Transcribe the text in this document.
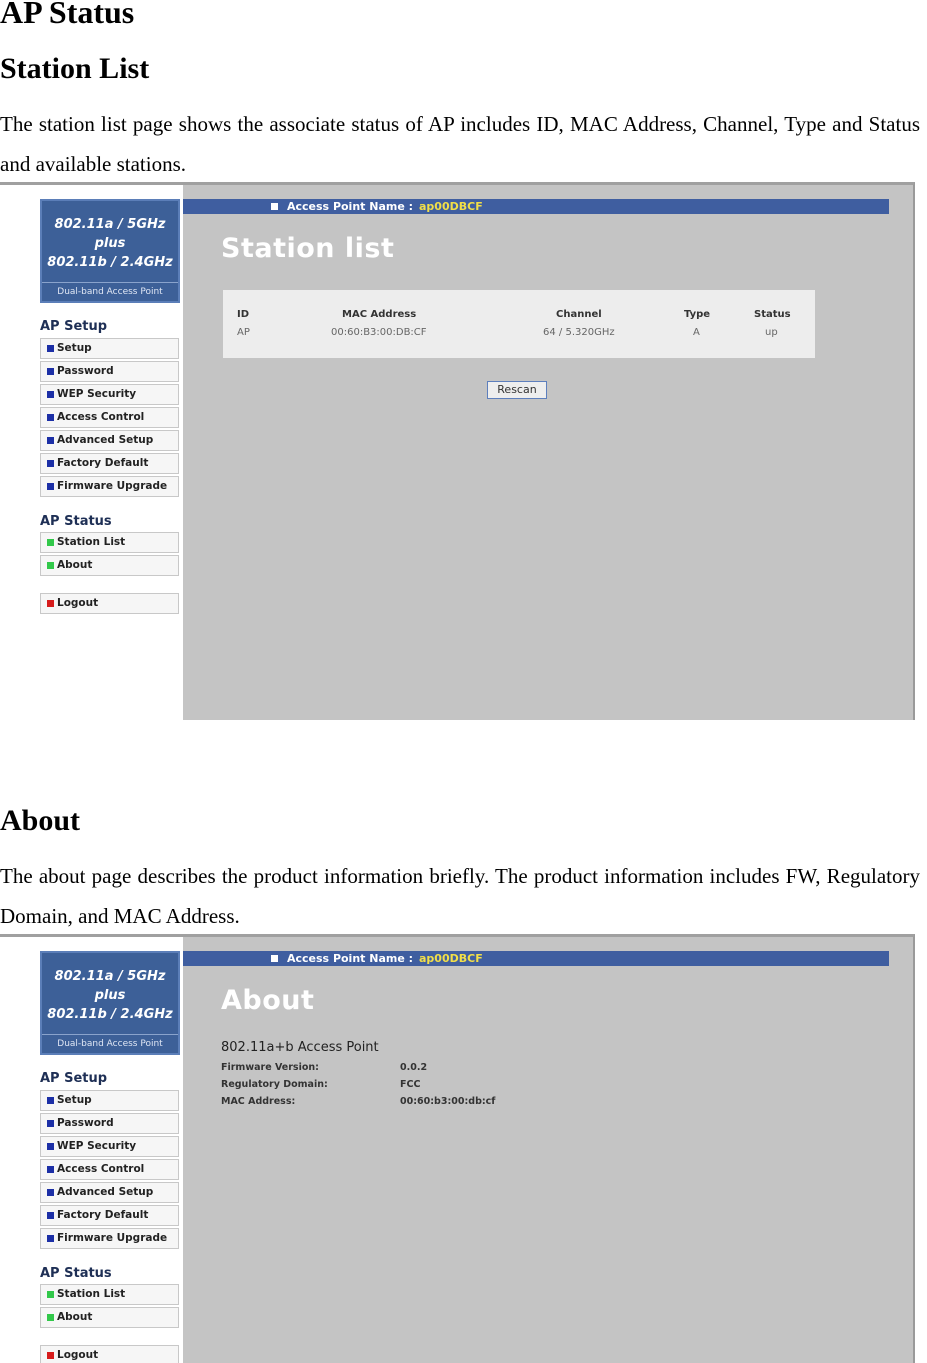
AP Status
Station List

The station list page shows the associate status of AP includes ID, MAC Address, Channel, Type and Status and available stations.

802.11a / 5GHz
plus
802.11b / 2.4GHz
Dual-band Access Point
AP Setup
Setup
Password
WEP Security
Access Control
Advanced Setup
Factory Default
Firmware Upgrade
AP Status
Station List
About
Logout
Access Point Name : ap00DBCF
Station list
ID	MAC Address	Channel	Type	Status
AP	00:60:B3:00:DB:CF	64 / 5.320GHz	A	up
Rescan
About

The about page describes the product information briefly. The product information includes FW, Regulatory Domain, and MAC Address.

802.11a / 5GHz
plus
802.11b / 2.4GHz
Dual-band Access Point
AP Setup
Setup
Password
WEP Security
Access Control
Advanced Setup
Factory Default
Firmware Upgrade
AP Status
Station List
About
Logout
Access Point Name : ap00DBCF
About
802.11a+b Access Point
Firmware Version:	0.0.2
Regulatory Domain:	FCC
MAC Address:	00:60:b3:00:db:cf
